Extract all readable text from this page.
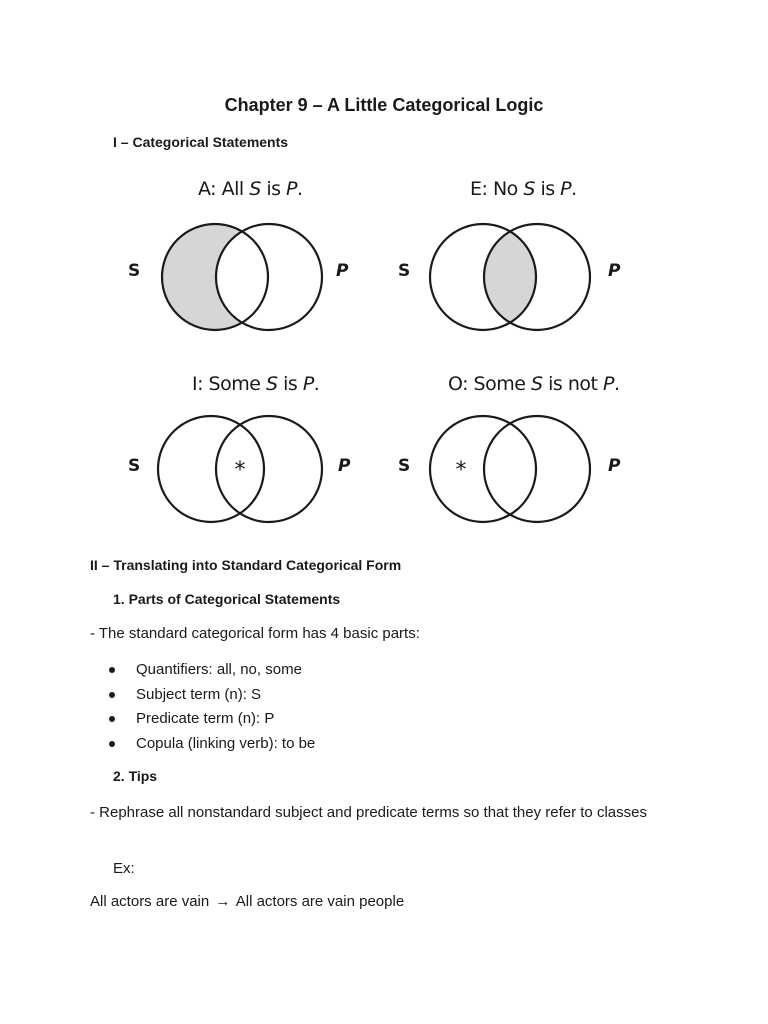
Chapter 9 – A Little Categorical Logic
I – Categorical Statements
A: All S is P.
S	P
E: No S is P.
S	P
I: Some S is P.
S	P
*
O: Some S is not P.
S	P
*
II – Translating into Standard Categorical Form
1. Parts of Categorical Statements
- The standard categorical form has 4 basic parts:
Quantifiers: all, no, some
Subject term (n): S
Predicate term (n): P
Copula (linking verb): to be
2. Tips
- Rephrase all nonstandard subject and predicate terms so that they refer to classes
Ex:
All actors are vain → All actors are vain people
